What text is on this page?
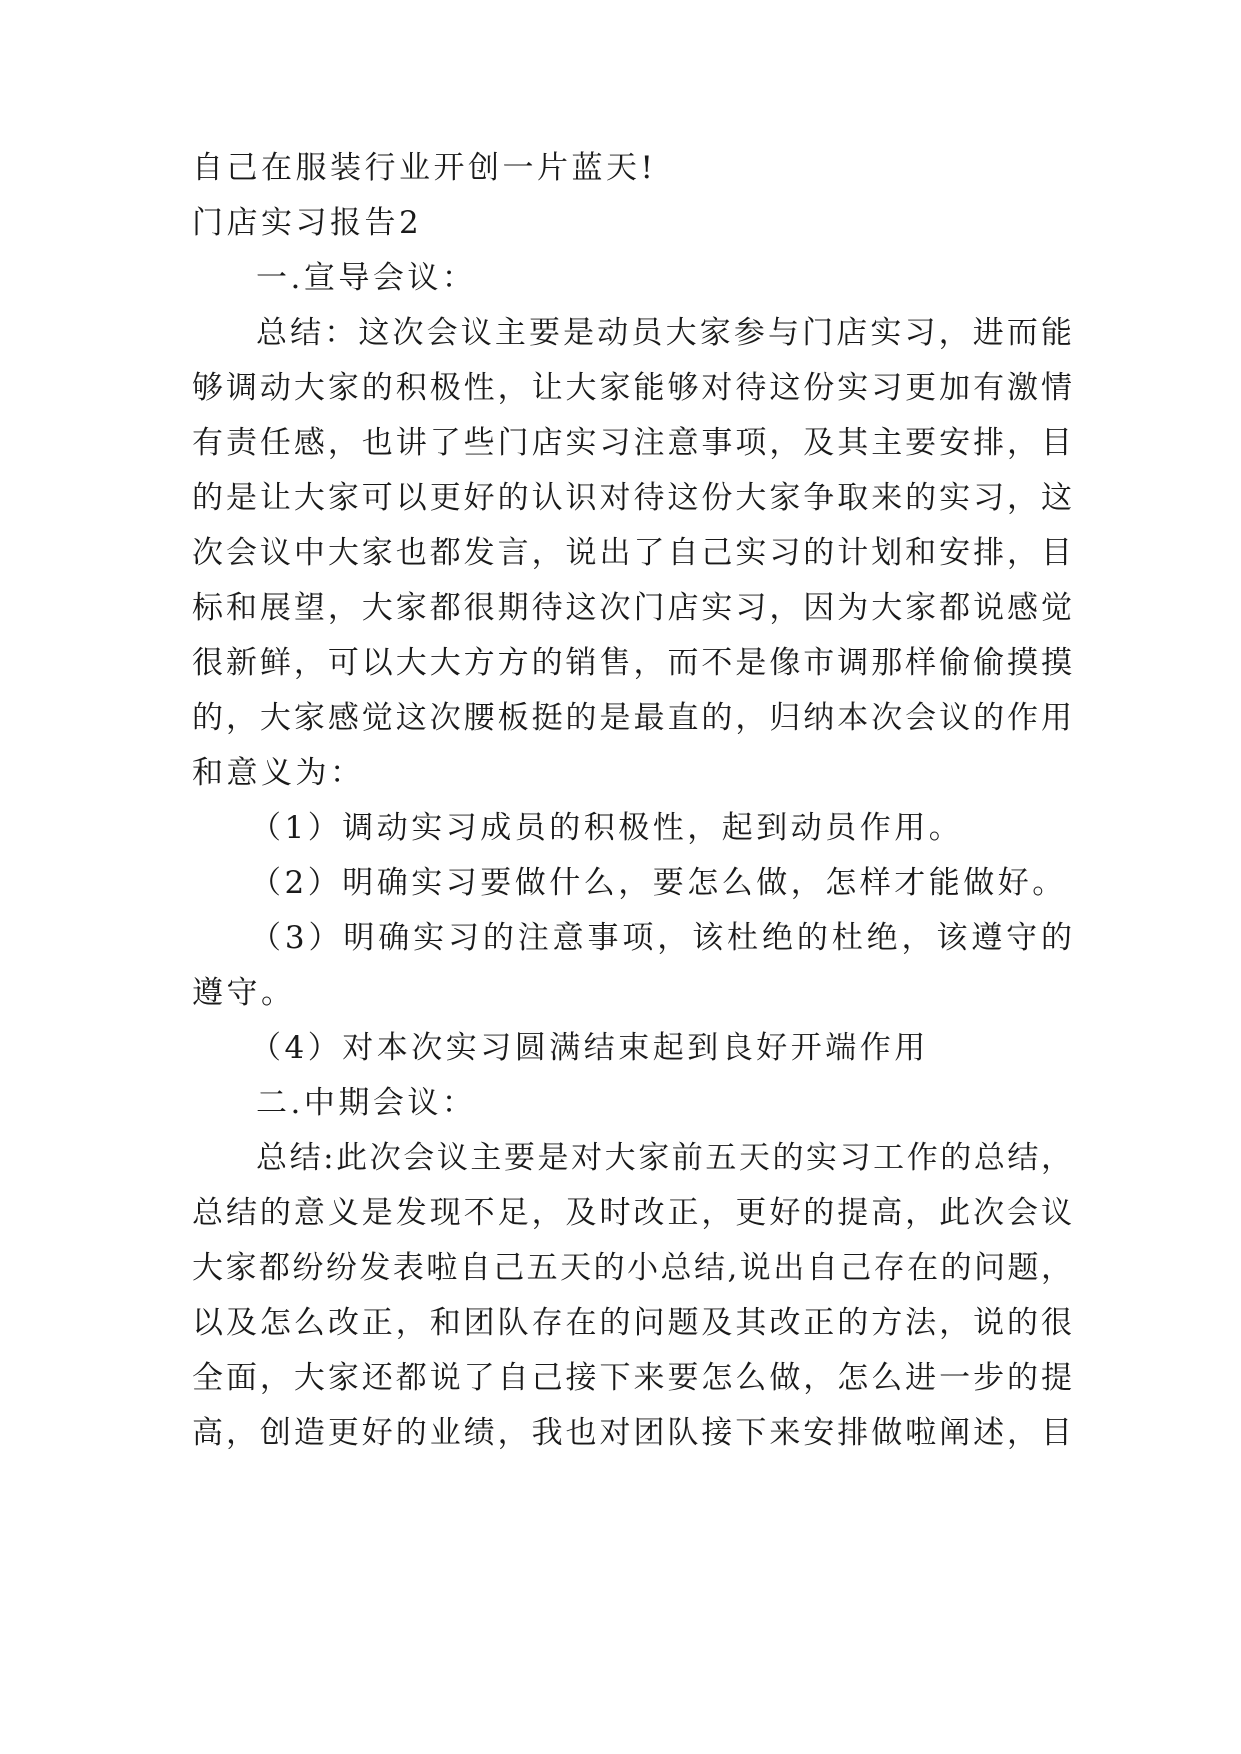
自己在服装行业开创一片蓝天!
门店实习报告2
一.宣导会议：
总结：这次会议主要是动员大家参与门店实习，进而能
够调动大家的积极性，让大家能够对待这份实习更加有激情
有责任感，也讲了些门店实习注意事项，及其主要安排，目
的是让大家可以更好的认识对待这份大家争取来的实习，这
次会议中大家也都发言，说出了自己实习的计划和安排，目
标和展望，大家都很期待这次门店实习，因为大家都说感觉
很新鲜，可以大大方方的销售，而不是像市调那样偷偷摸摸
的，大家感觉这次腰板挺的是最直的，归纳本次会议的作用
和意义为：
（1）调动实习成员的积极性，起到动员作用。
（2）明确实习要做什么，要怎么做，怎样才能做好。
（3）明确实习的注意事项，该杜绝的杜绝，该遵守的
遵守。
（4）对本次实习圆满结束起到良好开端作用
二.中期会议：
总结:此次会议主要是对大家前五天的实习工作的总结，
总结的意义是发现不足，及时改正，更好的提高，此次会议
大家都纷纷发表啦自己五天的小总结,说出自己存在的问题，
以及怎么改正，和团队存在的问题及其改正的方法，说的很
全面，大家还都说了自己接下来要怎么做，怎么进一步的提
高，创造更好的业绩，我也对团队接下来安排做啦阐述，目
